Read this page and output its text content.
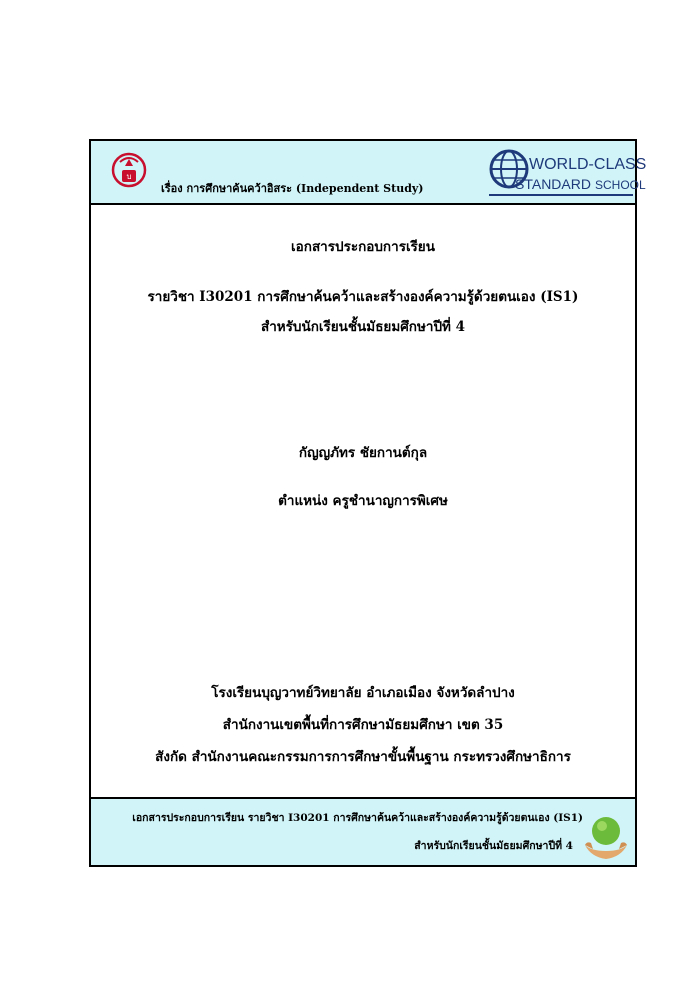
บ
เรื่อง การศึกษาค้นคว้าอิสระ (Independent Study)
WORLD-CLASS
STANDARD SCHOOL
เอกสารประกอบการเรียน
รายวิชา I30201 การศึกษาค้นคว้าและสร้างองค์ความรู้ด้วยตนเอง (IS1)
สำหรับนักเรียนชั้นมัธยมศึกษาปีที่ 4
กัญญภัทร ชัยกานต์กุล
ตำแหน่ง ครูชำนาญการพิเศษ
โรงเรียนบุญวาทย์วิทยาลัย อำเภอเมือง จังหวัดลำปาง
สำนักงานเขตพื้นที่การศึกษามัธยมศึกษา เขต 35
สังกัด สำนักงานคณะกรรมการการศึกษาขั้นพื้นฐาน กระทรวงศึกษาธิการ
เอกสารประกอบการเรียน รายวิชา I30201 การศึกษาค้นคว้าและสร้างองค์ความรู้ด้วยตนเอง (IS1)
สำหรับนักเรียนชั้นมัธยมศึกษาปีที่ 4
